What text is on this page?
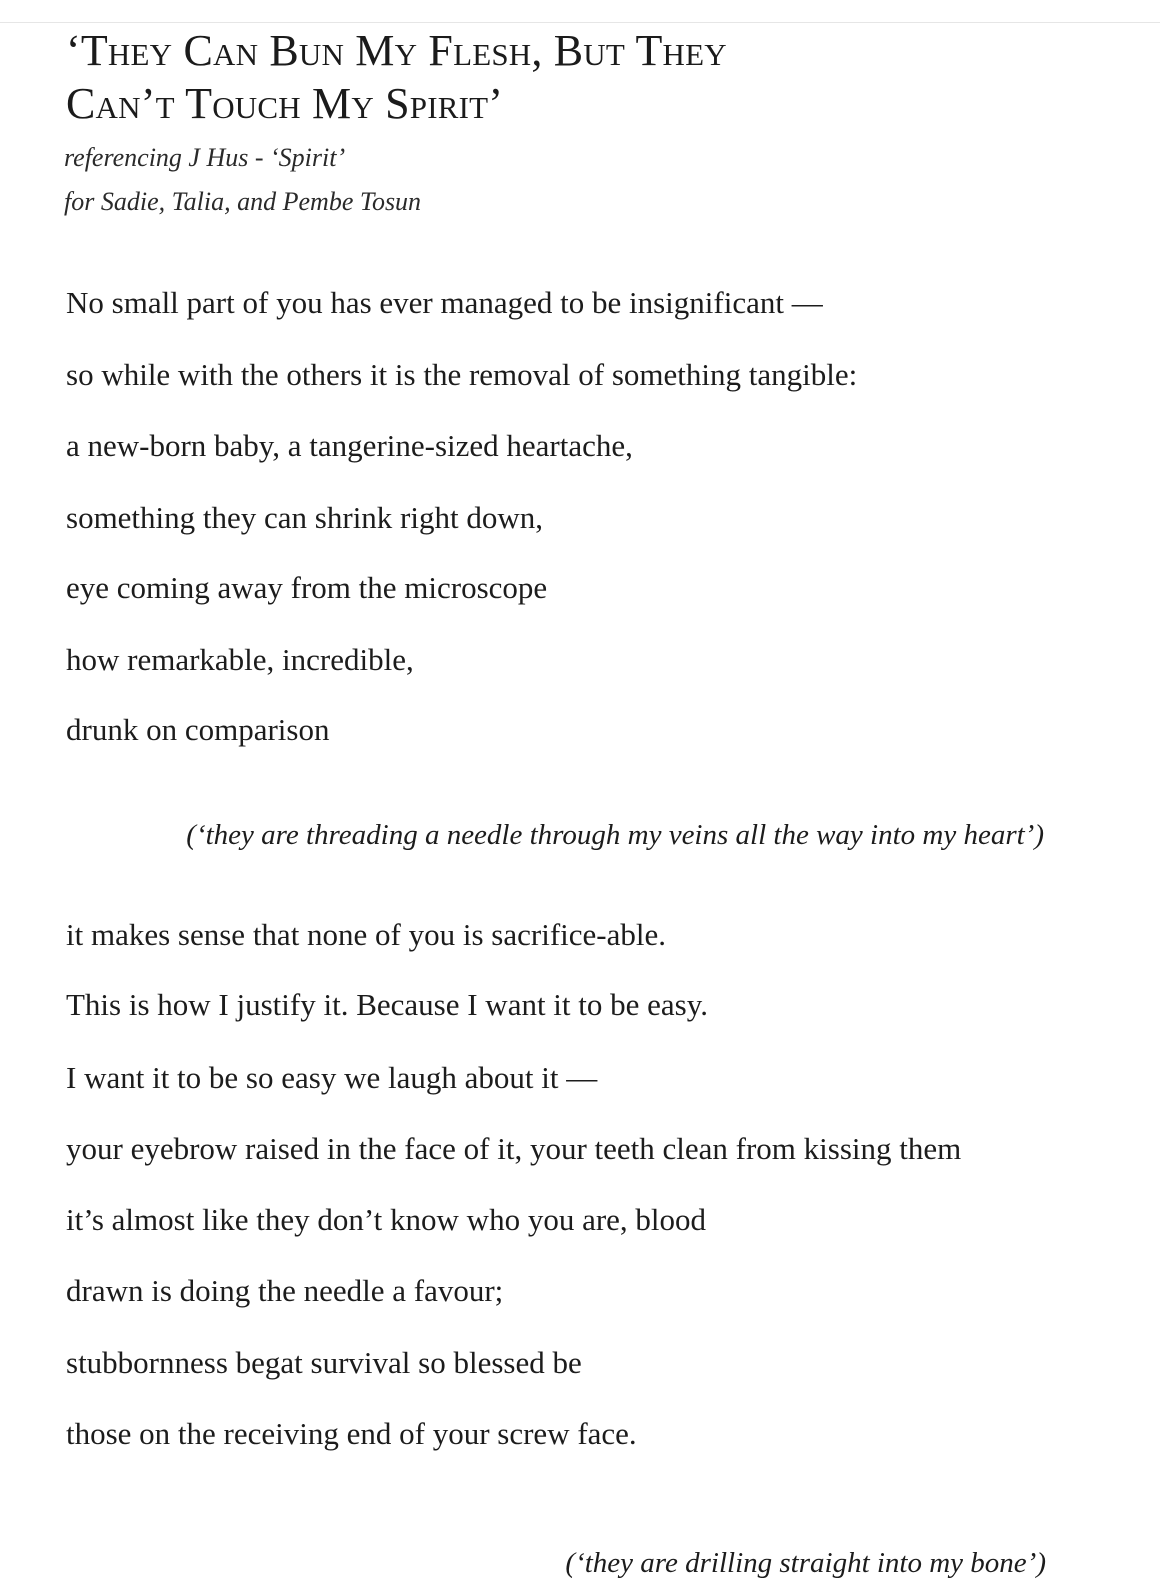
‘They Can Bun My Flesh, But They
Can’t Touch My Spirit’
referencing J Hus - ‘Spirit’
for Sadie, Talia, and Pembe Tosun
No small part of you has ever managed to be insignificant —
so while with the others it is the removal of something tangible:
a new-born baby, a tangerine-sized heartache,
something they can shrink right down,
eye coming away from the microscope
how remarkable, incredible,
drunk on comparison
(‘they are threading a needle through my veins all the way into my heart’)
it makes sense that none of you is sacrifice-able.
This is how I justify it. Because I want it to be easy.
I want it to be so easy we laugh about it —
your eyebrow raised in the face of it, your teeth clean from kissing them
it’s almost like they don’t know who you are, blood
drawn is doing the needle a favour;
stubbornness begat survival so blessed be
those on the receiving end of your screw face.
(‘they are drilling straight into my bone’)
